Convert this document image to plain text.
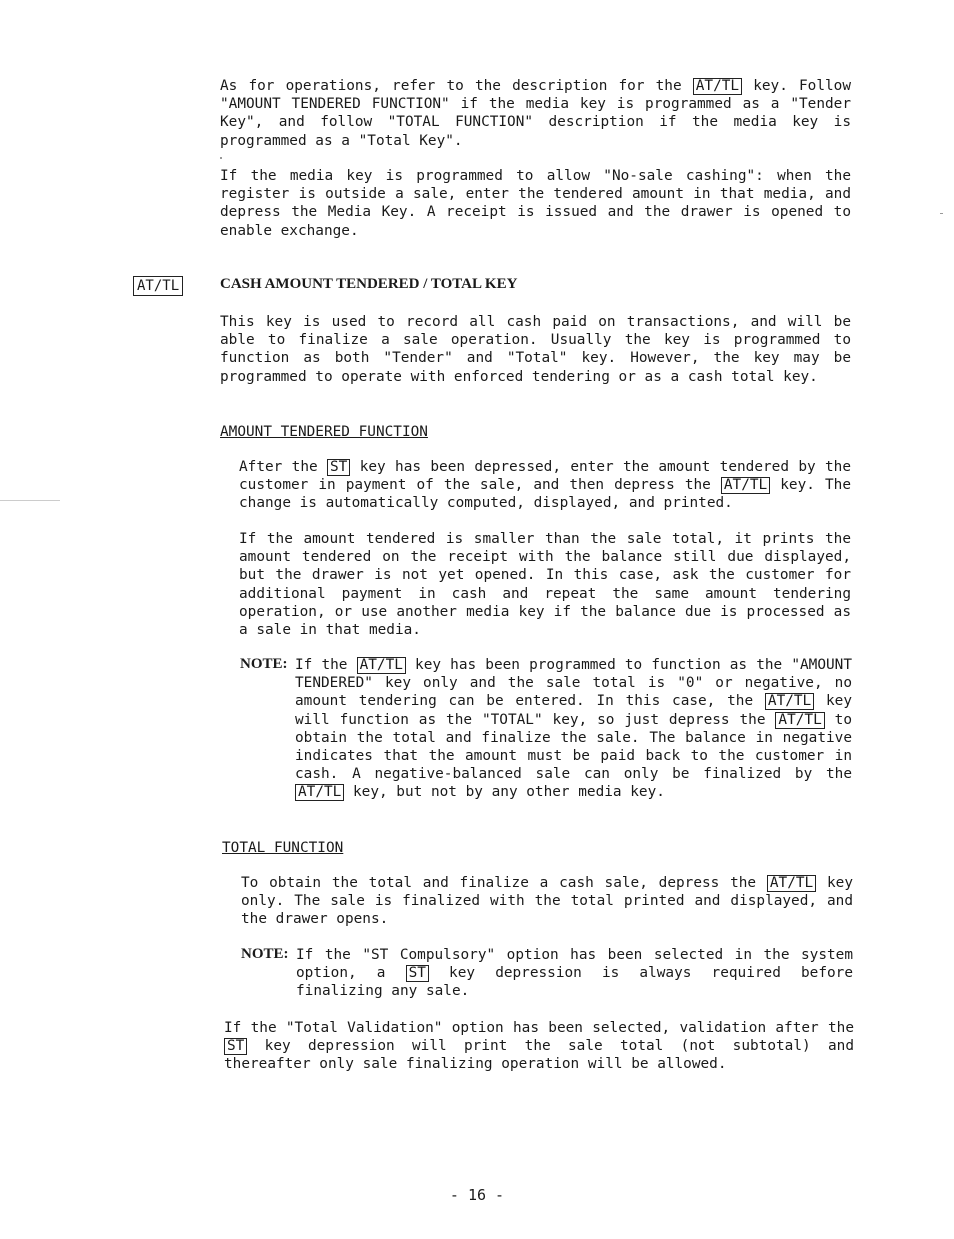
As for operations, refer to the description for the AT/TL key. Follow "AMOUNT TENDERED FUNCTION" if the media key is programmed as a "Tender Key", and follow "TOTAL FUNCTION" description if the media key is programmed as a "Total Key".
If the media key is programmed to allow "No-sale cashing": when the register is outside a sale, enter the tendered amount in that media, and depress the Media Key. A receipt is issued and the drawer is opened to enable exchange.
AT/TL	CASH AMOUNT TENDERED / TOTAL KEY
This key is used to record all cash paid on transactions, and will be able to finalize a sale operation. Usually the key is programmed to function as both "Tender" and "Total" key. However, the key may be programmed to operate with enforced tendering or as a cash total key.
AMOUNT TENDERED FUNCTION
After the ST key has been depressed, enter the amount tendered by the customer in payment of the sale, and then depress the AT/TL key. The change is automatically computed, displayed, and printed.
If the amount tendered is smaller than the sale total, it prints the amount tendered on the receipt with the balance still due displayed, but the drawer is not yet opened. In this case, ask the customer for additional payment in cash and repeat the same amount tendering operation, or use another media key if the balance due is processed as a sale in that media.
NOTE: If the AT/TL key has been programmed to function as the "AMOUNT TENDERED" key only and the sale total is "0" or negative, no amount tendering can be entered. In this case, the AT/TL key will function as the "TOTAL" key, so just depress the AT/TL to obtain the total and finalize the sale. The balance in negative indicates that the amount must be paid back to the customer in cash. A negative-balanced sale can only be finalized by the AT/TL key, but not by any other media key.
TOTAL FUNCTION
To obtain the total and finalize a cash sale, depress the AT/TL key only. The sale is finalized with the total printed and displayed, and the drawer opens.
NOTE: If the "ST Compulsory" option has been selected in the system option, a ST key depression is always required before finalizing any sale.
If the "Total Validation" option has been selected, validation after the ST key depression will print the sale total (not subtotal) and thereafter only sale finalizing operation will be allowed.
- 16 -
